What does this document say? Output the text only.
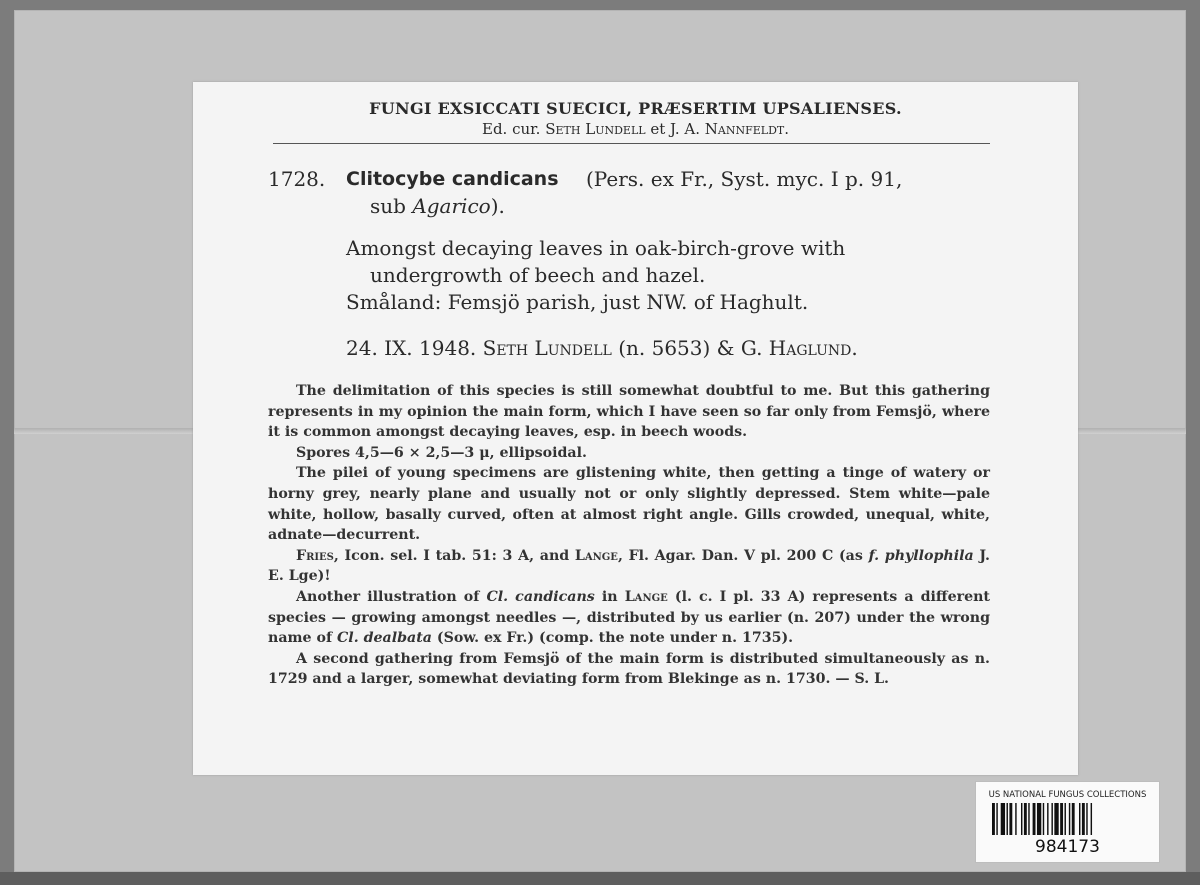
FUNGI EXSICCATI SUECICI, PRÆSERTIM UPSALIENSES.
Ed. cur. Seth Lundell et J. A. Nannfeldt.
1728. Clitocybe candicans (Pers. ex Fr., Syst. myc. I p. 91,
sub Agarico).
Amongst decaying leaves in oak-birch-grove with
undergrowth of beech and hazel.
Småland: Femsjö parish, just NW. of Haghult.
24. IX. 1948. Seth Lundell (n. 5653) & G. Haglund.

The delimitation of this species is still somewhat doubtful to me. But this gathering represents in my opinion the main form, which I have seen so far only from Femsjö, where it is common amongst decaying leaves, esp. in beech woods.

Spores 4,5—6 × 2,5—3 μ, ellipsoidal.

The pilei of young specimens are glistening white, then getting a tinge of watery or horny grey, nearly plane and usually not or only slightly depressed. Stem white—pale white, hollow, basally curved, often at almost right angle. Gills crowded, unequal, white, adnate—decurrent.

Fries, Icon. sel. I tab. 51: 3 A, and Lange, Fl. Agar. Dan. V pl. 200 C (as f. phyllophila J. E. Lge)!

Another illustration of Cl. candicans in Lange (l. c. I pl. 33 A) represents a different species — growing amongst needles —, distributed by us earlier (n. 207) under the wrong name of Cl. dealbata (Sow. ex Fr.) (comp. the note under n. 1735).

A second gathering from Femsjö of the main form is distributed simultaneously as n. 1729 and a larger, somewhat deviating form from Blekinge as n. 1730. — S. L.

US NATIONAL FUNGUS COLLECTIONS
984173
